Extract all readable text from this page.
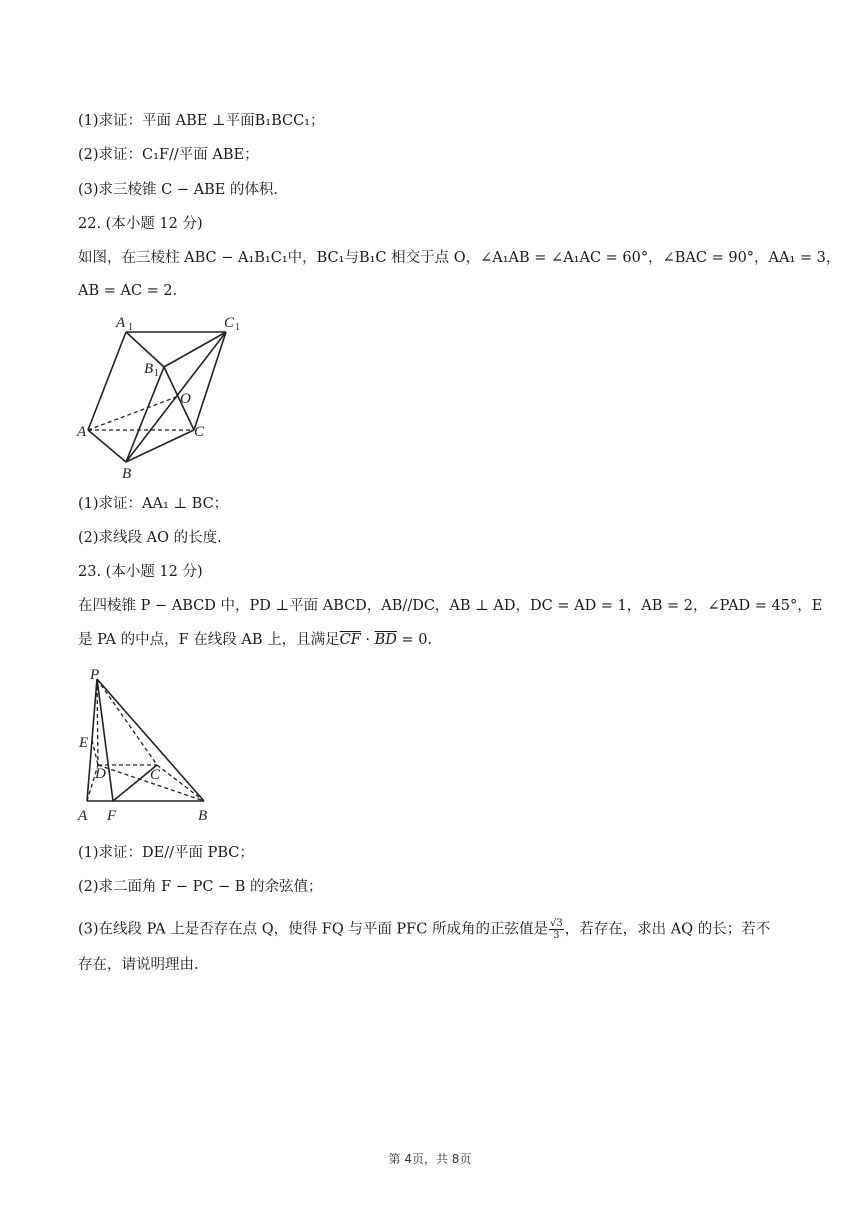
(1)求证：平面 ABE ⊥平面B₁BCC₁；
(2)求证：C₁F//平面 ABE；
(3)求三棱锥 C − ABE 的体积.
22. (本小题 12 分)
如图，在三棱柱 ABC − A₁B₁C₁中，BC₁与B₁C 相交于点 O，∠A₁AB = ∠A₁AC = 60°，∠BAC = 90°，AA₁ = 3，
AB = AC = 2.
A 1	C 1
B 1
O
A	C
B
(1)求证：AA₁ ⊥ BC；
(2)求线段 AO 的长度.
23. (本小题 12 分)
在四棱锥 P − ABCD 中，PD ⊥平面 ABCD，AB//DC，AB ⊥ AD，DC = AD = 1，AB = 2，∠PAD = 45°，E
是 PA 的中点，F 在线段 AB 上，且满足$\overline{CF} \cdot \overline{BD} = 0$.
P
E
D	C
A F	B
(1)求证：DE//平面 PBC；
(2)求二面角 F − PC − B 的余弦值；
(3)在线段 PA 上是否存在点 Q，使得 FQ 与平面 PFC 所成角的正弦值是 $\frac{√3}{3}$ ，若存在，求出 AQ 的长；若不
存在，请说明理由.
第 4页，共 8页
